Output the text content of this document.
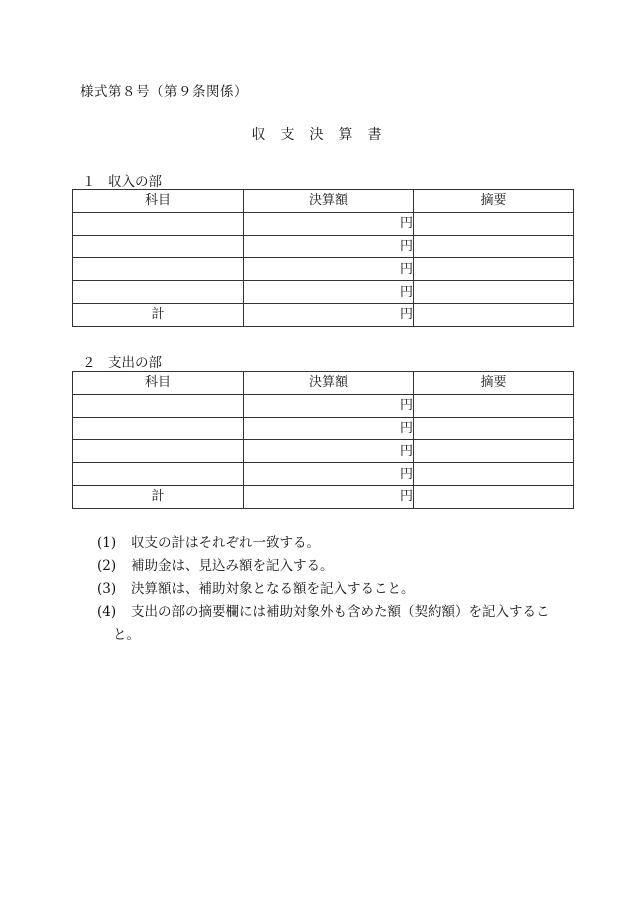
様式第８号（第９条関係）
収支決算書
１ 収入の部
科目	決算額	摘要
	円	
	円	
	円	
	円	
計	円	
２ 支出の部
科目	決算額	摘要
	円	
	円	
	円	
	円	
計	円	
(1)	収支の計はそれぞれ一致する。
(2)	補助金は、見込み額を記入する。
(3)	決算額は、補助対象となる額を記入すること。
(4)	支出の部の摘要欄には補助対象外も含めた額（契約額）を記入するこ
と。
